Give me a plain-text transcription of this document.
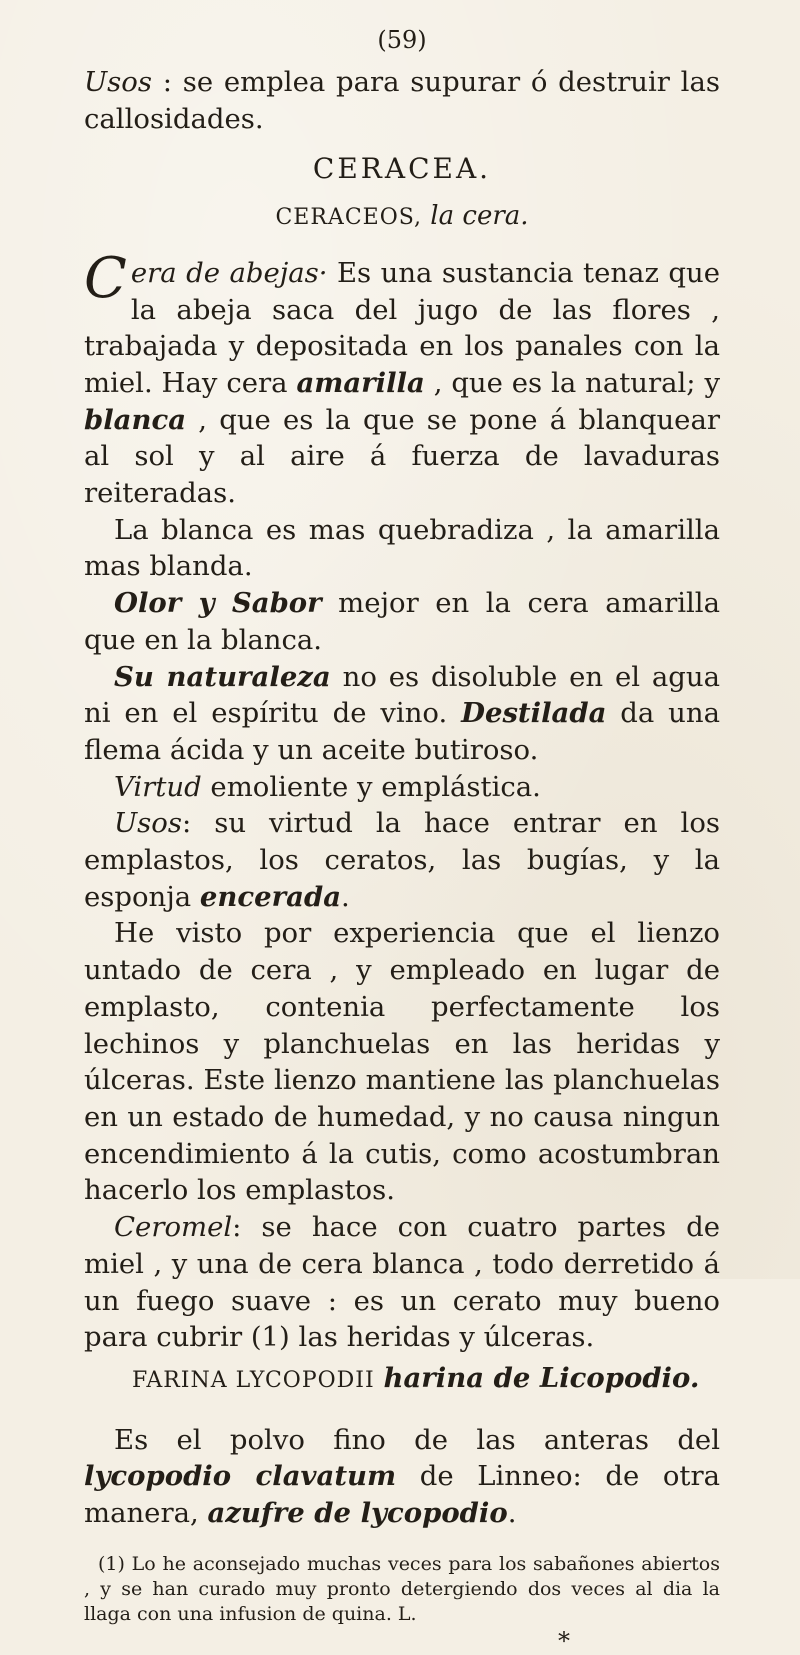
(59)

Usos : se emplea para supurar ó destruir las callosidades.

CERACEA.
CERACEOS, la cera.

Cera de abejas· Es una sustancia tenaz que la abeja saca del jugo de las flores , trabajada y depositada en los panales con la miel. Hay cera amarilla , que es la natural; y blanca , que es la que se pone á blanquear al sol y al aire á fuerza de lavaduras reiteradas.

La blanca es mas quebradiza , la amarilla mas blanda.

Olor y Sabor mejor en la cera amarilla que en la blanca.

Su naturaleza no es disoluble en el agua ni en el espíritu de vino. Destilada da una flema ácida y un aceite butiroso.

Virtud emoliente y emplástica.

Usos: su virtud la hace entrar en los emplastos, los ceratos, las bugías, y la esponja encerada.

He visto por experiencia que el lienzo untado de cera , y empleado en lugar de emplasto, contenia perfectamente los lechinos y planchuelas en las heridas y úlceras. Este lienzo mantiene las planchuelas en un estado de humedad, y no causa ningun encendimiento á la cutis, como acostumbran hacerlo los emplastos.

Ceromel: se hace con cuatro partes de miel , y una de cera blanca , todo derretido á un fuego suave : es un cerato muy bueno para cubrir (1) las heridas y úlceras.

FARINA LYCOPODII harina de Licopodio.

Es el polvo fino de las anteras del lycopodio clavatum de Linneo: de otra manera, azufre de lycopodio.

(1) Lo he aconsejado muchas veces para los sabañones abiertos , y se han curado muy pronto detergiendo dos veces al dia la llaga con una infusion de quina. L.

*
